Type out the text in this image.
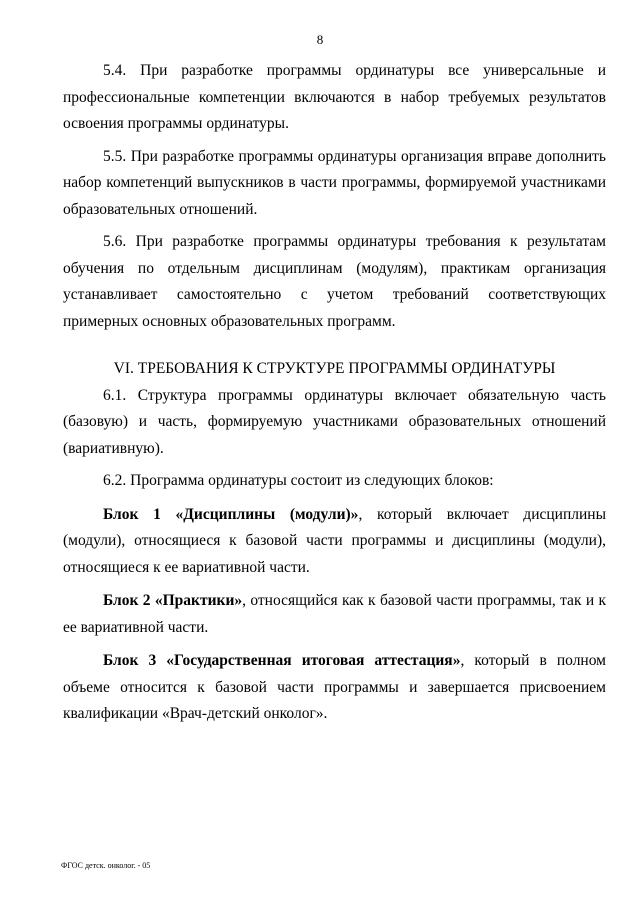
8

5.4. При разработке программы ординатуры все универсальные и профессиональные компетенции включаются в набор требуемых результатов освоения программы ординатуры.

5.5. При разработке программы ординатуры организация вправе дополнить набор компетенций выпускников в части программы, формируемой участниками образовательных отношений.

5.6. При разработке программы ординатуры требования к результатам обучения по отдельным дисциплинам (модулям), практикам организация устанавливает самостоятельно с учетом требований соответствующих примерных основных образовательных программ.

VI. ТРЕБОВАНИЯ К СТРУКТУРЕ ПРОГРАММЫ ОРДИНАТУРЫ

6.1. Структура программы ординатуры включает обязательную часть (базовую) и часть, формируемую участниками образовательных отношений (вариативную).

6.2. Программа ординатуры состоит из следующих блоков:

Блок 1 «Дисциплины (модули)», который включает дисциплины (модули), относящиеся к базовой части программы и дисциплины (модули), относящиеся к ее вариативной части.

Блок 2 «Практики», относящийся как к базовой части программы, так и к ее вариативной части.

Блок 3 «Государственная итоговая аттестация», который в полном объеме относится к базовой части программы и завершается присвоением квалификации «Врач-детский онколог».

ФГОС детск. онколог. - 05
